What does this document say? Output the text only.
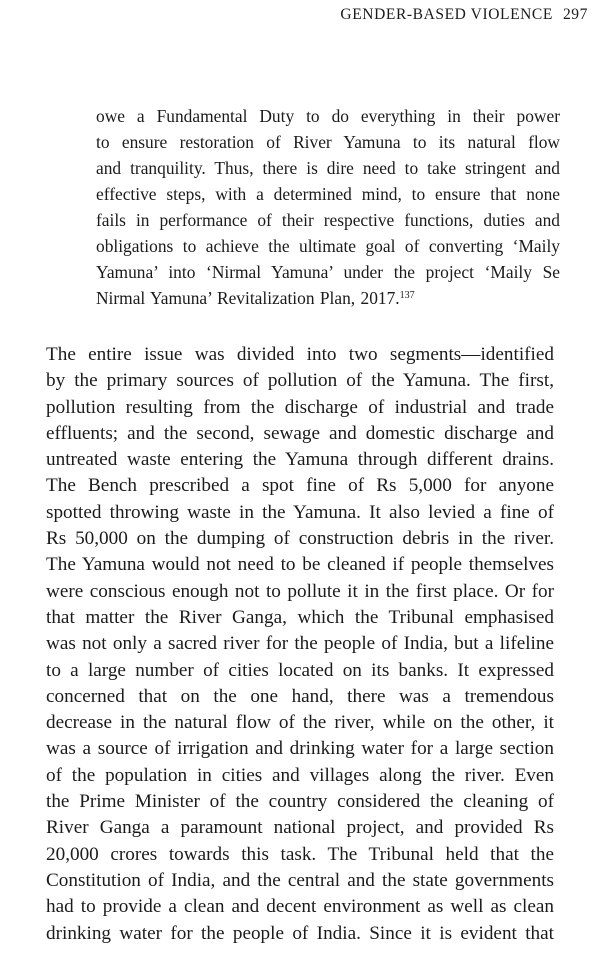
GENDER-BASED VIOLENCE 297
owe a Fundamental Duty to do everything in their power
to ensure restoration of River Yamuna to its natural flow
and tranquility. Thus, there is dire need to take stringent and
effective steps, with a determined mind, to ensure that none
fails in performance of their respective functions, duties and
obligations to achieve the ultimate goal of converting ‘Maily
Yamuna’ into ‘Nirmal Yamuna’ under the project ‘Maily Se
Nirmal Yamuna’ Revitalization Plan, 2017.$^{137}$
The entire issue was divided into two segments—identified
by the primary sources of pollution of the Yamuna. The first,
pollution resulting from the discharge of industrial and trade
effluents; and the second, sewage and domestic discharge and
untreated waste entering the Yamuna through different drains.
The Bench prescribed a spot fine of Rs 5,000 for anyone
spotted throwing waste in the Yamuna. It also levied a fine of
Rs 50,000 on the dumping of construction debris in the river.
The Yamuna would not need to be cleaned if people themselves
were conscious enough not to pollute it in the first place. Or for
that matter the River Ganga, which the Tribunal emphasised
was not only a sacred river for the people of India, but a lifeline
to a large number of cities located on its banks. It expressed
concerned that on the one hand, there was a tremendous
decrease in the natural flow of the river, while on the other, it
was a source of irrigation and drinking water for a large section
of the population in cities and villages along the river. Even
the Prime Minister of the country considered the cleaning of
River Ganga a paramount national project, and provided Rs
20,000 crores towards this task. The Tribunal held that the
Constitution of India, and the central and the state governments
had to provide a clean and decent environment as well as clean
drinking water for the people of India. Since it is evident that
